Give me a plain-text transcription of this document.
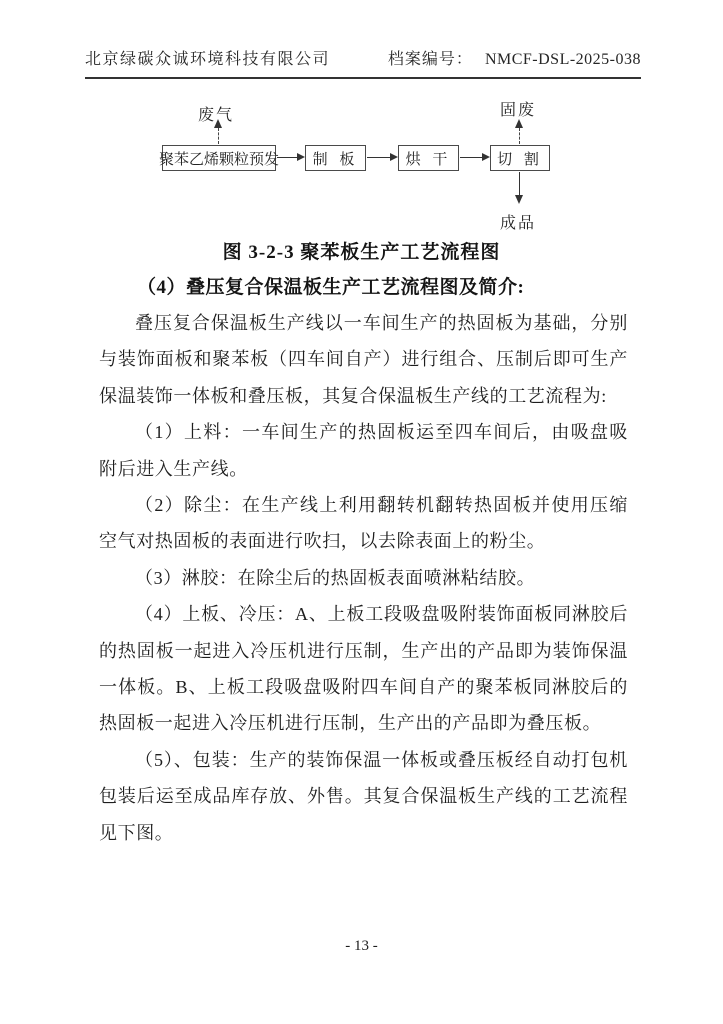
北京绿碳众诚环境科技有限公司	档案编号： NMCF-DSL-2025-038
废气	固废
成品
聚苯乙烯颗粒预发	制 板	烘 干	切 割
图 3-2-3 聚苯板生产工艺流程图
（4）叠压复合保温板生产工艺流程图及简介:

叠压复合保温板生产线以一车间生产的热固板为基础，分别与装饰面板和聚苯板（四车间自产）进行组合、压制后即可生产保温装饰一体板和叠压板，其复合保温板生产线的工艺流程为:

（1）上料：一车间生产的热固板运至四车间后，由吸盘吸附后进入生产线。

（2）除尘：在生产线上利用翻转机翻转热固板并使用压缩空气对热固板的表面进行吹扫，以去除表面上的粉尘。

（3）淋胶：在除尘后的热固板表面喷淋粘结胶。

（4）上板、冷压：A、上板工段吸盘吸附装饰面板同淋胶后的热固板一起进入冷压机进行压制，生产出的产品即为装饰保温一体板。B、上板工段吸盘吸附四车间自产的聚苯板同淋胶后的热固板一起进入冷压机进行压制，生产出的产品即为叠压板。

（5）、包装：生产的装饰保温一体板或叠压板经自动打包机包装后运至成品库存放、外售。其复合保温板生产线的工艺流程见下图。

- 13 -
